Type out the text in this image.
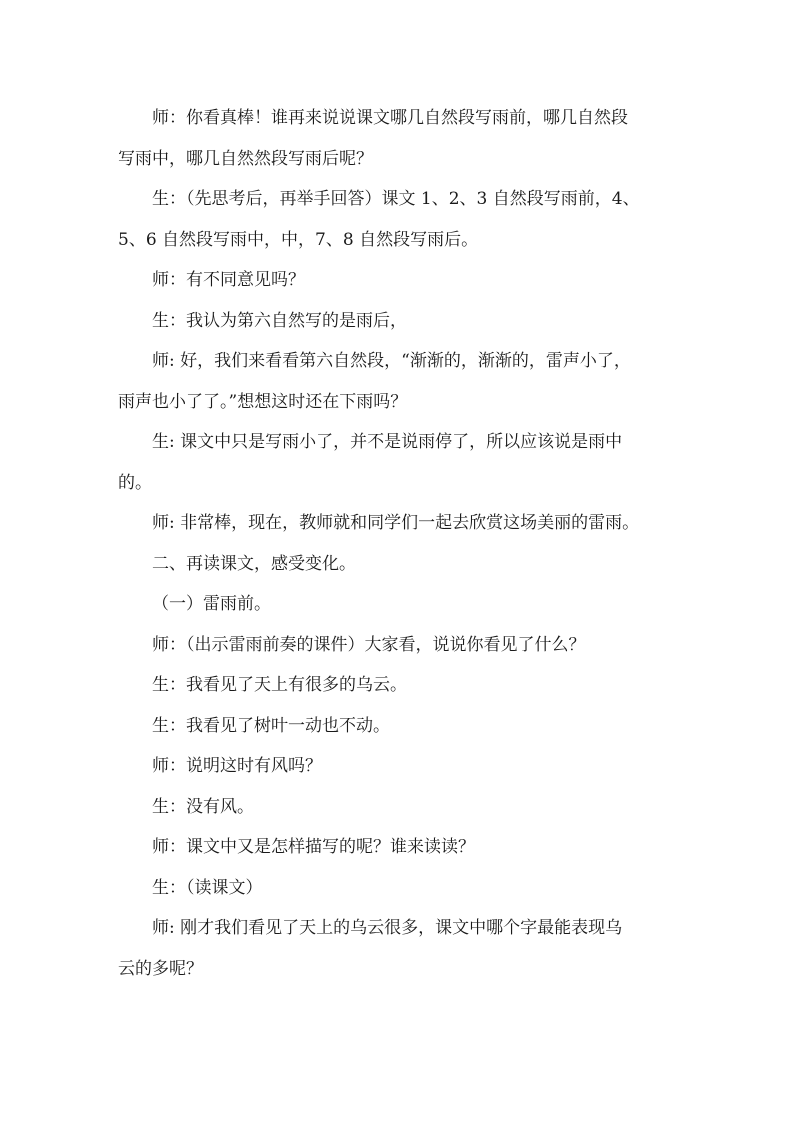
师：你看真棒！谁再来说说课文哪几自然段写雨前，哪几自然段
写雨中，哪几自然然段写雨后呢？
生：（先思考后，再举手回答）课文 1、2、3 自然段写雨前，4、
5、6 自然段写雨中，中，7、8 自然段写雨后。
师：有不同意见吗？
生：我认为第六自然写的是雨后，
师: 好，我们来看看第六自然段，“渐渐的，渐渐的，雷声小了，
雨声也小了了。”想想这时还在下雨吗？
生: 课文中只是写雨小了，并不是说雨停了，所以应该说是雨中
的。
师: 非常棒，现在，教师就和同学们一起去欣赏这场美丽的雷雨。
二、再读课文，感受变化。
（一）雷雨前。
师：（出示雷雨前奏的课件）大家看，说说你看见了什么？
生：我看见了天上有很多的乌云。
生：我看见了树叶一动也不动。
师：说明这时有风吗？
生：没有风。
师：课文中又是怎样描写的呢？谁来读读？
生：（读课文）
师: 刚才我们看见了天上的乌云很多，课文中哪个字最能表现乌
云的多呢？
